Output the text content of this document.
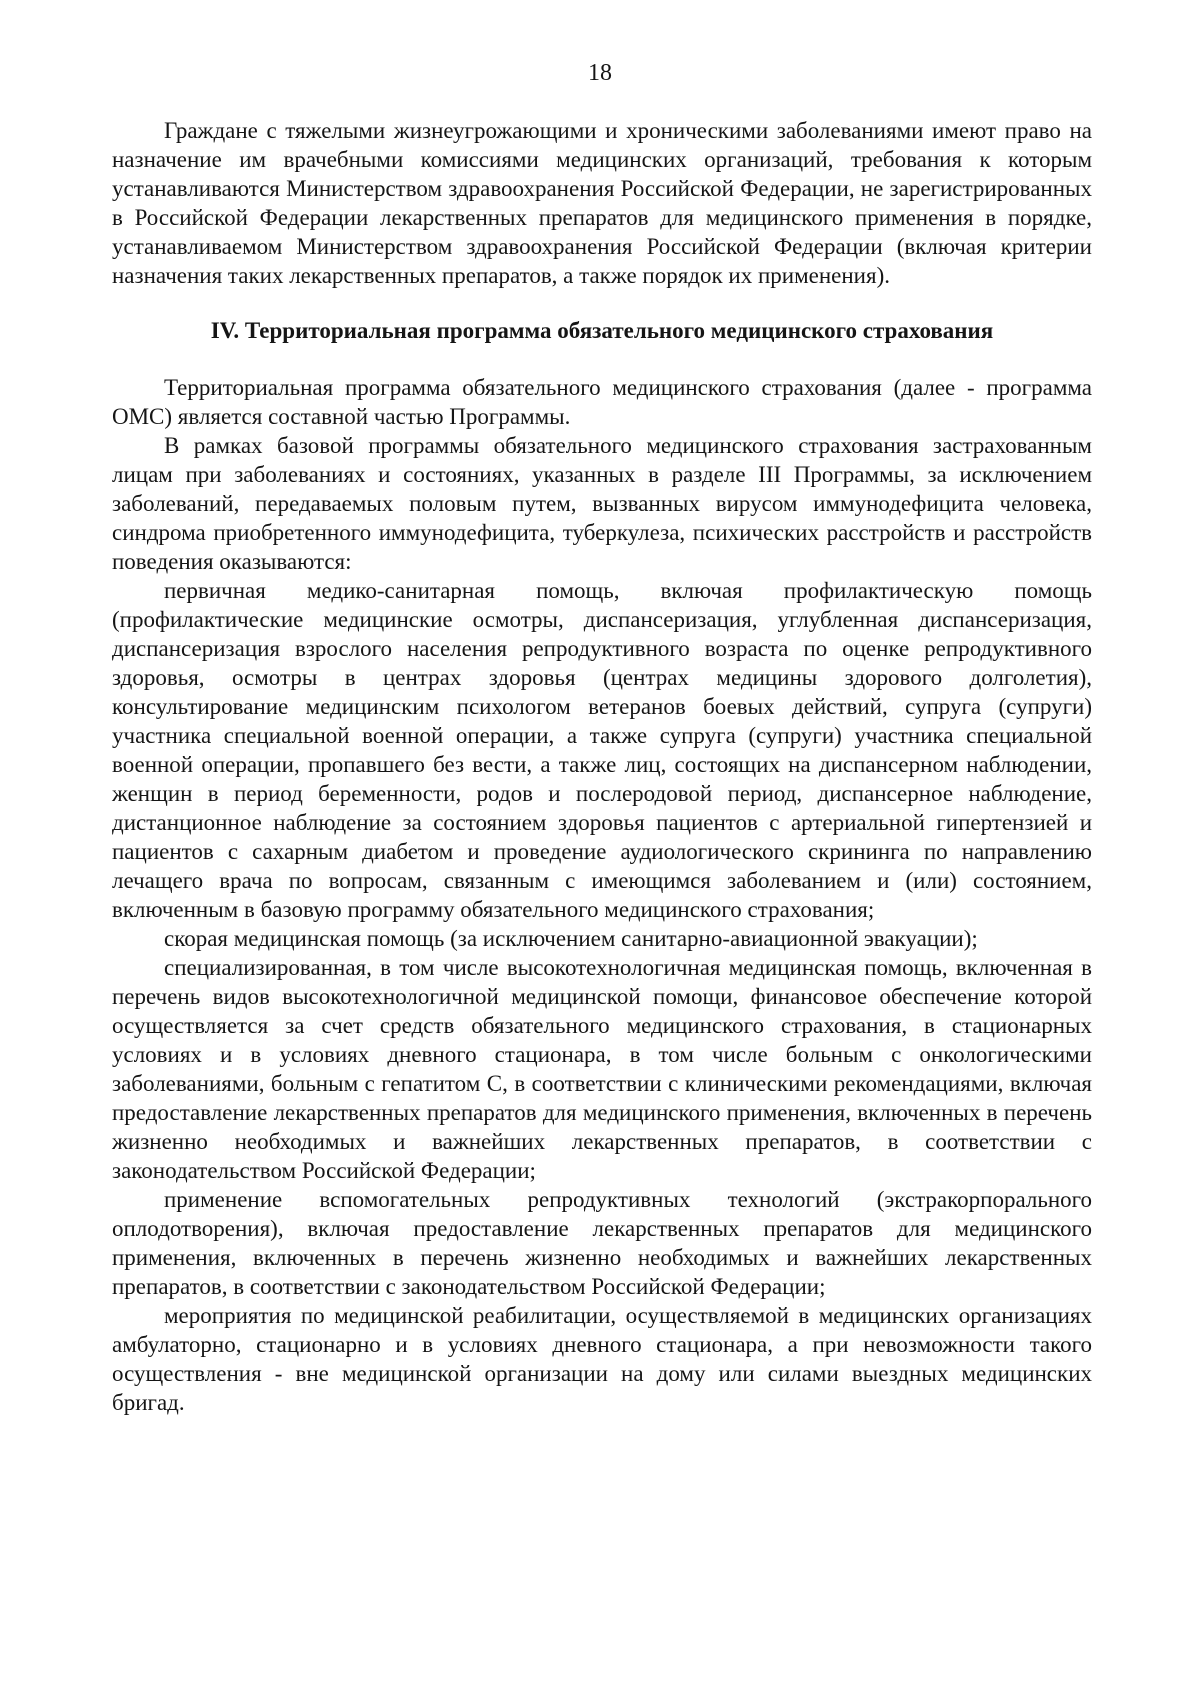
18

Граждане с тяжелыми жизнеугрожающими и хроническими заболеваниями имеют право на назначение им врачебными комиссиями медицинских организаций, требования к которым устанавливаются Министерством здравоохранения Российской Федерации, не зарегистрированных в Российской Федерации лекарственных препаратов для медицинского применения в порядке, устанавливаемом Министерством здравоохранения Российской Федерации (включая критерии назначения таких лекарственных препаратов, а также порядок их применения).

IV. Территориальная программа обязательного медицинского страхования

Территориальная программа обязательного медицинского страхования (далее - программа ОМС) является составной частью Программы.

В рамках базовой программы обязательного медицинского страхования застрахованным лицам при заболеваниях и состояниях, указанных в разделе III Программы, за исключением заболеваний, передаваемых половым путем, вызванных вирусом иммунодефицита человека, синдрома приобретенного иммунодефицита, туберкулеза, психических расстройств и расстройств поведения оказываются:

первичная медико-санитарная помощь, включая профилактическую помощь (профилактические медицинские осмотры, диспансеризация, углубленная диспансеризация, диспансеризация взрослого населения репродуктивного возраста по оценке репродуктивного здоровья, осмотры в центрах здоровья (центрах медицины здорового долголетия), консультирование медицинским психологом ветеранов боевых действий, супруга (супруги) участника специальной военной операции, а также супруга (супруги) участника специальной военной операции, пропавшего без вести, а также лиц, состоящих на диспансерном наблюдении, женщин в период беременности, родов и послеродовой период, диспансерное наблюдение, дистанционное наблюдение за состоянием здоровья пациентов с артериальной гипертензией и пациентов с сахарным диабетом и проведение аудиологического скрининга по направлению лечащего врача по вопросам, связанным с имеющимся заболеванием и (или) состоянием, включенным в базовую программу обязательного медицинского страхования;

скорая медицинская помощь (за исключением санитарно-авиационной эвакуации);

специализированная, в том числе высокотехнологичная медицинская помощь, включенная в перечень видов высокотехнологичной медицинской помощи, финансовое обеспечение которой осуществляется за счет средств обязательного медицинского страхования, в стационарных условиях и в условиях дневного стационара, в том числе больным с онкологическими заболеваниями, больным с гепатитом С, в соответствии с клиническими рекомендациями, включая предоставление лекарственных препаратов для медицинского применения, включенных в перечень жизненно необходимых и важнейших лекарственных препаратов, в соответствии с законодательством Российской Федерации;

применение вспомогательных репродуктивных технологий (экстракорпорального оплодотворения), включая предоставление лекарственных препаратов для медицинского применения, включенных в перечень жизненно необходимых и важнейших лекарственных препаратов, в соответствии с законодательством Российской Федерации;

мероприятия по медицинской реабилитации, осуществляемой в медицинских организациях амбулаторно, стационарно и в условиях дневного стационара, а при невозможности такого осуществления - вне медицинской организации на дому или силами выездных медицинских бригад.
